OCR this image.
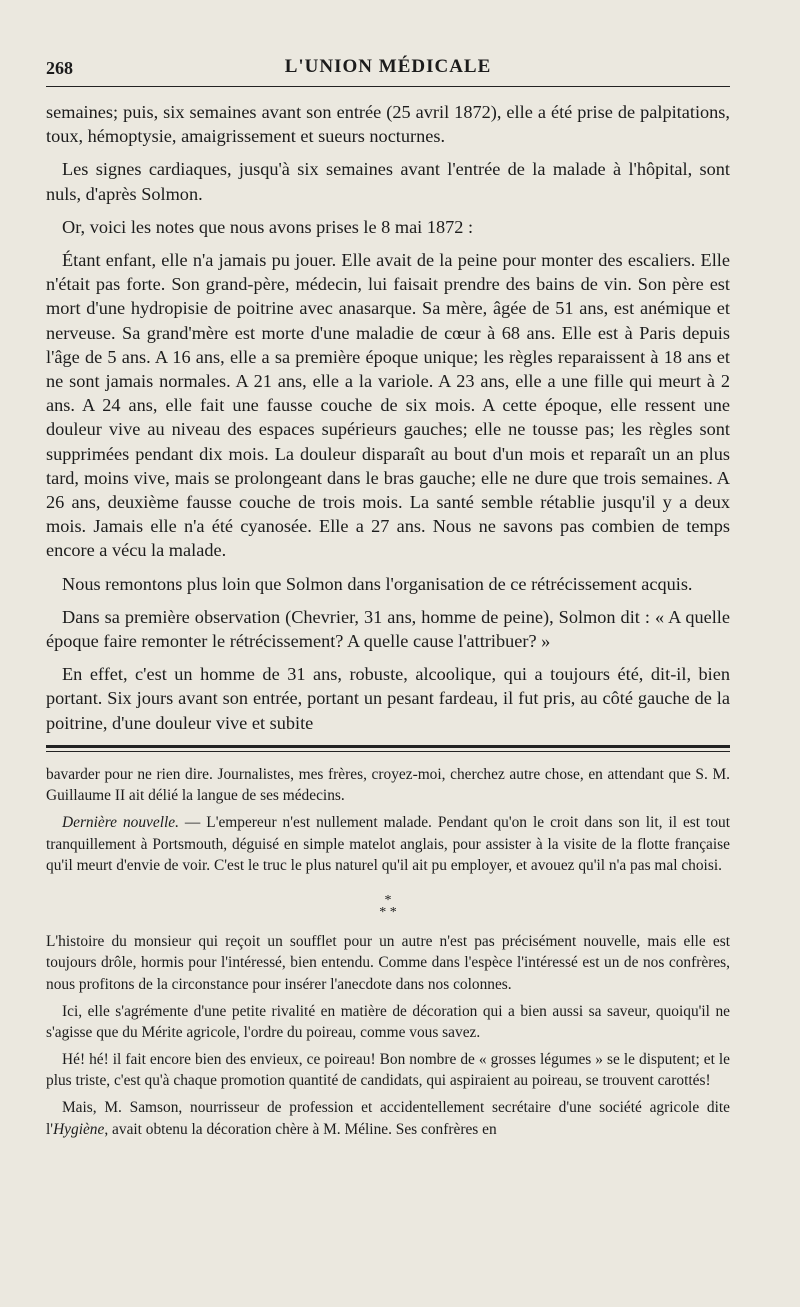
268	L'UNION MÉDICALE

semaines; puis, six semaines avant son entrée (25 avril 1872), elle a été prise de palpitations, toux, hémoptysie, amaigrissement et sueurs nocturnes.

Les signes cardiaques, jusqu'à six semaines avant l'entrée de la malade à l'hôpital, sont nuls, d'après Solmon.

Or, voici les notes que nous avons prises le 8 mai 1872 :

Étant enfant, elle n'a jamais pu jouer. Elle avait de la peine pour monter des escaliers. Elle n'était pas forte. Son grand-père, médecin, lui faisait prendre des bains de vin. Son père est mort d'une hydropisie de poitrine avec anasarque. Sa mère, âgée de 51 ans, est anémique et nerveuse. Sa grand'mère est morte d'une maladie de cœur à 68 ans. Elle est à Paris depuis l'âge de 5 ans. A 16 ans, elle a sa première époque unique; les règles reparaissent à 18 ans et ne sont jamais normales. A 21 ans, elle a la variole. A 23 ans, elle a une fille qui meurt à 2 ans. A 24 ans, elle fait une fausse couche de six mois. A cette époque, elle ressent une douleur vive au niveau des espaces supérieurs gauches; elle ne tousse pas; les règles sont supprimées pendant dix mois. La douleur disparaît au bout d'un mois et reparaît un an plus tard, moins vive, mais se prolongeant dans le bras gauche; elle ne dure que trois semaines. A 26 ans, deuxième fausse couche de trois mois. La santé semble rétablie jusqu'il y a deux mois. Jamais elle n'a été cyanosée. Elle a 27 ans. Nous ne savons pas combien de temps encore a vécu la malade.

Nous remontons plus loin que Solmon dans l'organisation de ce rétrécissement acquis.

Dans sa première observation (Chevrier, 31 ans, homme de peine), Solmon dit : « A quelle époque faire remonter le rétrécissement? A quelle cause l'attribuer? »

En effet, c'est un homme de 31 ans, robuste, alcoolique, qui a toujours été, dit-il, bien portant. Six jours avant son entrée, portant un pesant fardeau, il fut pris, au côté gauche de la poitrine, d'une douleur vive et subite

bavarder pour ne rien dire. Journalistes, mes frères, croyez-moi, cherchez autre chose, en attendant que S. M. Guillaume II ait délié la langue de ses médecins.

Dernière nouvelle. — L'empereur n'est nullement malade. Pendant qu'on le croit dans son lit, il est tout tranquillement à Portsmouth, déguisé en simple matelot anglais, pour assister à la visite de la flotte française qu'il meurt d'envie de voir. C'est le truc le plus naturel qu'il ait pu employer, et avouez qu'il n'a pas mal choisi.

*
* *

L'histoire du monsieur qui reçoit un soufflet pour un autre n'est pas précisément nouvelle, mais elle est toujours drôle, hormis pour l'intéressé, bien entendu. Comme dans l'espèce l'intéressé est un de nos confrères, nous profitons de la circonstance pour insérer l'anecdote dans nos colonnes.

Ici, elle s'agrémente d'une petite rivalité en matière de décoration qui a bien aussi sa saveur, quoiqu'il ne s'agisse que du Mérite agricole, l'ordre du poireau, comme vous savez.

Hé! hé! il fait encore bien des envieux, ce poireau! Bon nombre de « grosses légumes » se le disputent; et le plus triste, c'est qu'à chaque promotion quantité de candidats, qui aspiraient au poireau, se trouvent carottés!

Mais, M. Samson, nourrisseur de profession et accidentellement secrétaire d'une société agricole dite l'Hygiène, avait obtenu la décoration chère à M. Méline. Ses confrères en
